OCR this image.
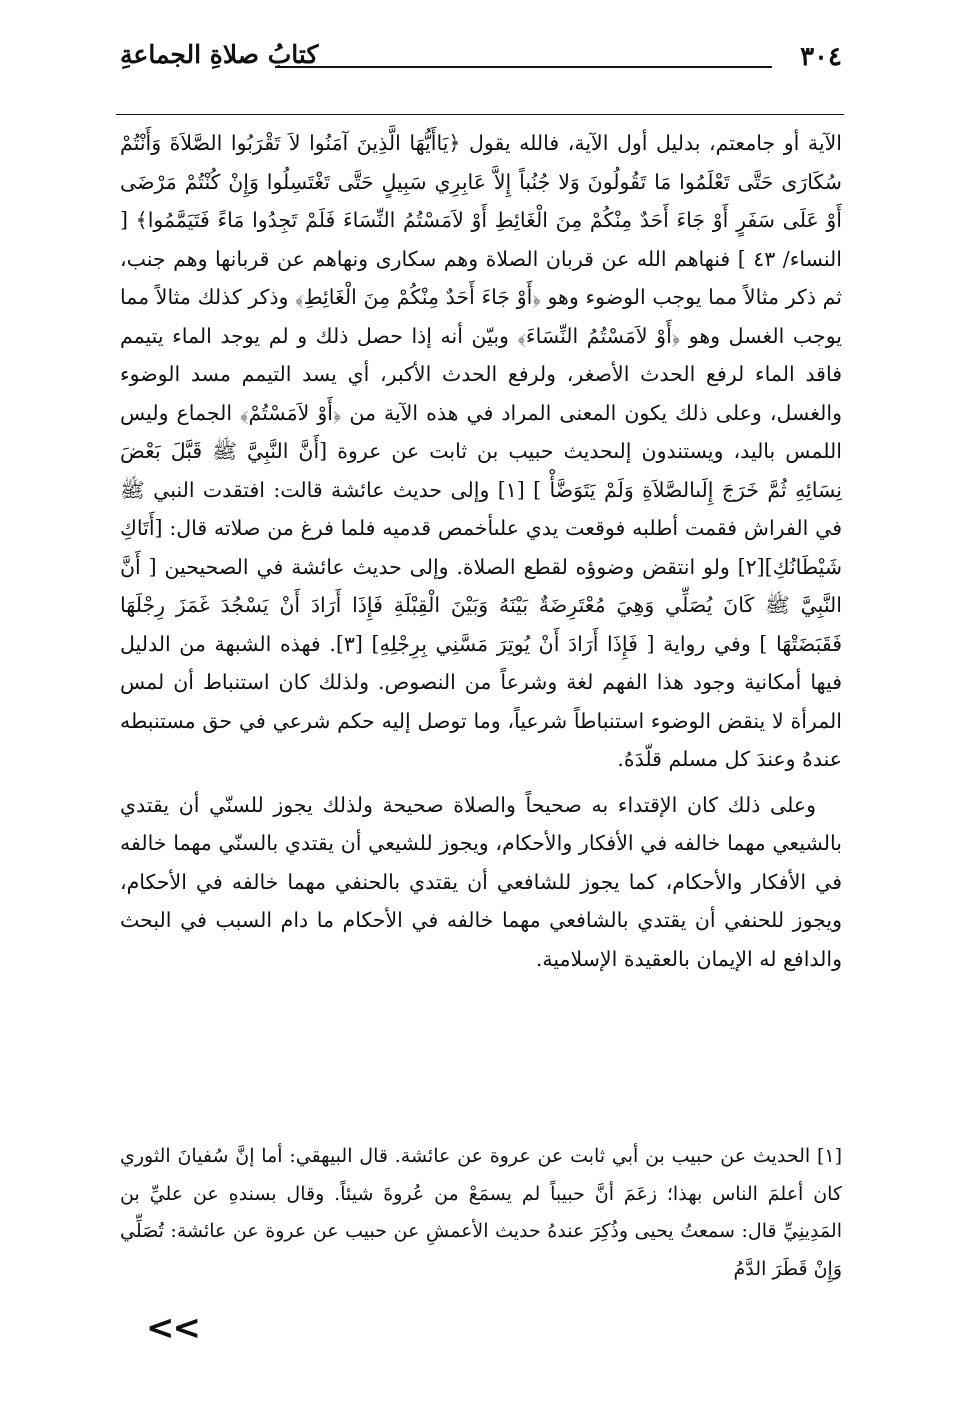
٣٠٤
كتابُ صلاةِ الجماعةِ

الآية أو جامعتم، بدليل أول الآية، فالله يقول ﴿يَاأَيُّهَا الَّذِينَ آمَنُوا لاَ تَقْرَبُوا الصَّلاَةَ وَأَنْتُمْ سُكَارَى حَتَّى تَعْلَمُوا مَا تَقُولُونَ وَلا جُنُباً إِلاَّ عَابِرِي سَبِيلٍ حَتَّى تَغْتَسِلُوا وَإِنْ كُنْتُمْ مَرْضَى أَوْ عَلَى سَفَرٍ أَوْ جَاءَ أَحَدٌ مِنْكُمْ مِنَ الْغَائِطِ أَوْ لاَمَسْتُمُ النِّسَاءَ فَلَمْ تَجِدُوا مَاءً فَتَيَمَّمُوا﴾ [ النساء/ ٤٣ ] فنهاهم الله عن قربان الصلاة وهم سكارى ونهاهم عن قربانها وهم جنب، ثم ذكر مثالاً مما يوجب الوضوء وهو ﴿أَوْ جَاءَ أَحَدٌ مِنْكُمْ مِنَ الْغَائِطِ﴾ وذكر كذلك مثالاً مما يوجب الغسل وهو ﴿أَوْ لاَمَسْتُمُ النِّسَاءَ﴾ وبيّن أنه إذا حصل ذلك و لم يوجد الماء يتيمم فاقد الماء لرفع الحدث الأصغر، ولرفع الحدث الأكبر، أي يسد التيمم مسد الوضوء والغسل، وعلى ذلك يكون المعنى المراد في هذه الآية من ﴿أَوْ لاَمَسْتُمْ﴾ الجماع وليس اللمس باليد، ويستندون إلىحديث حبيب بن ثابت عن عروة [أَنَّ النَّبِيَّ ﷺ قَبَّلَ بَعْضَ نِسَائِهِ ثُمَّ خَرَجَ إِلَىالصَّلاَةِ وَلَمْ يَتَوَضَّأْ ] [١] وإلى حديث عائشة قالت: افتقدت النبي ﷺ في الفراش فقمت أطلبه فوقعت يدي علىأخمص قدميه فلما فرغ من صلاته قال: [أَتَاكِ شَيْطَانُكِ][٢] ولو انتقض وضوؤه لقطع الصلاة. وإلى حديث عائشة في الصحيحين [ أَنَّ النَّبِيَّ ﷺ كَانَ يُصَلِّي وَهِيَ مُعْتَرِضَةٌ بَيْنَهُ وَبَيْنَ الْقِبْلَةِ فَإِذَا أَرَادَ أَنْ يَسْجُدَ غَمَزَ رِجْلَهَا فَقَبَضَتْهَا ] وفي رواية [ فَإِذَا أَرَادَ أَنْ يُوتِرَ مَسَّنِي بِرِجْلِهِ] [٣]. فهذه الشبهة من الدليل فيها أمكانية وجود هذا الفهم لغة وشرعاً من النصوص. ولذلك كان استنباط أن لمس المرأة لا ينقض الوضوء استنباطاً شرعياً، وما توصل إليه حكم شرعي في حق مستنبطه عندهُ وعندَ كل مسلم قلّدَهُ.

وعلى ذلك كان الإقتداء به صحيحاً والصلاة صحيحة ولذلك يجوز للسنّي أن يقتدي بالشيعي مهما خالفه في الأفكار والأحكام، ويجوز للشيعي أن يقتدي بالسنّي مهما خالفه في الأفكار والأحكام، كما يجوز للشافعي أن يقتدي بالحنفي مهما خالفه في الأحكام، ويجوز للحنفي أن يقتدي بالشافعي مهما خالفه في الأحكام ما دام السبب في البحث والدافع له الإيمان بالعقيدة الإسلامية.

[١] الحديث عن حبيب بن أبي ثابت عن عروة عن عائشة. قال البيهقي: أما إنَّ سُفيانَ الثوري كان أعلمَ الناس بهذا؛ زعَمَ أنَّ حبيباً لم يسمَعْ من عُروةَ شيئاً. وقال بسندهِ عن عليِّ بن المَدِينِيِّ قال: سمعتُ يحيى وذُكِرَ عندهُ حديث الأعمشِ عن حبيب عن عروة عن عائشة: تُصَلِّي وَإِنْ قَطَرَ الدَّمُ

<<
